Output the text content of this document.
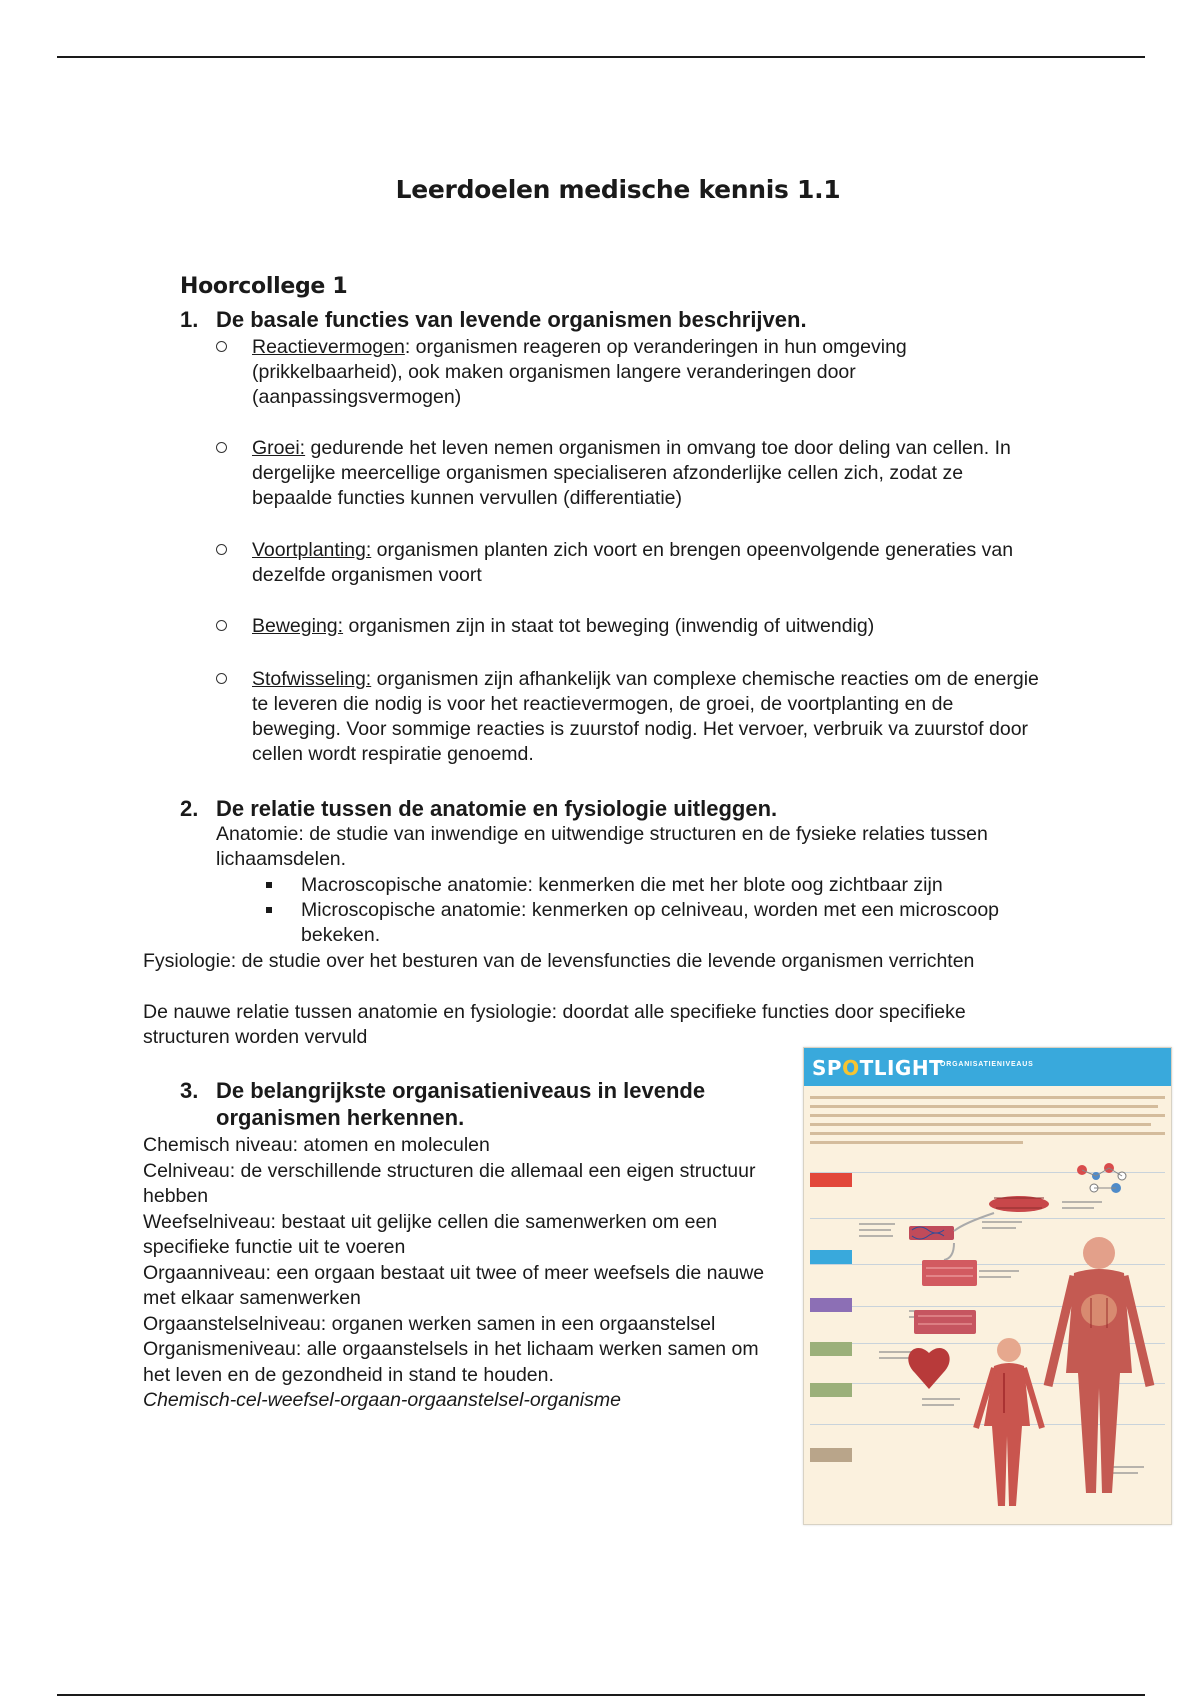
Leerdoelen medische kennis 1.1
Hoorcollege 1
1. De basale functies van levende organismen beschrijven.
Reactievermogen: organismen reageren op veranderingen in hun omgeving (prikkelbaarheid), ook maken organismen langere veranderingen door (aanpassingsvermogen)
Groei: gedurende het leven nemen organismen in omvang toe door deling van cellen. In dergelijke meercellige organismen specialiseren afzonderlijke cellen zich, zodat ze bepaalde functies kunnen vervullen (differentiatie)
Voortplanting: organismen planten zich voort en brengen opeenvolgende generaties van dezelfde organismen voort
Beweging: organismen zijn in staat tot beweging (inwendig of uitwendig)
Stofwisseling: organismen zijn afhankelijk van complexe chemische reacties om de energie te leveren die nodig is voor het reactievermogen, de groei, de voortplanting en de beweging. Voor sommige reacties is zuurstof nodig. Het vervoer, verbruik va zuurstof door cellen wordt respiratie genoemd.
2. De relatie tussen de anatomie en fysiologie uitleggen.

Anatomie: de studie van inwendige en uitwendige structuren en de fysieke relaties tussen lichaamsdelen.

Macroscopische anatomie: kenmerken die met her blote oog zichtbaar zijn
Microscopische anatomie: kenmerken op celniveau, worden met een microscoop bekeken.

Fysiologie: de studie over het besturen van de levensfuncties die levende organismen verrichten

De nauwe relatie tussen anatomie en fysiologie: doordat alle specifieke functies door specifieke structuren worden vervuld

3. De belangrijkste organisatieniveaus in levende organismen herkennen.
Chemisch niveau: atomen en moleculen
Celniveau: de verschillende structuren die allemaal een eigen structuur hebben
Weefselniveau: bestaat uit gelijke cellen die samenwerken om een specifieke functie uit te voeren
Orgaanniveau: een orgaan bestaat uit twee of meer weefsels die nauwe met elkaar samenwerken
Orgaanstelselniveau: organen werken samen in een orgaanstelsel
Organismeniveau: alle orgaanstelsels in het lichaam werken samen om het leven en de gezondheid in stand te houden.
Chemisch-cel-weefsel-orgaan-orgaanstelsel-organisme
SPOTLIGHT
ORGANISATIENIVEAUS
